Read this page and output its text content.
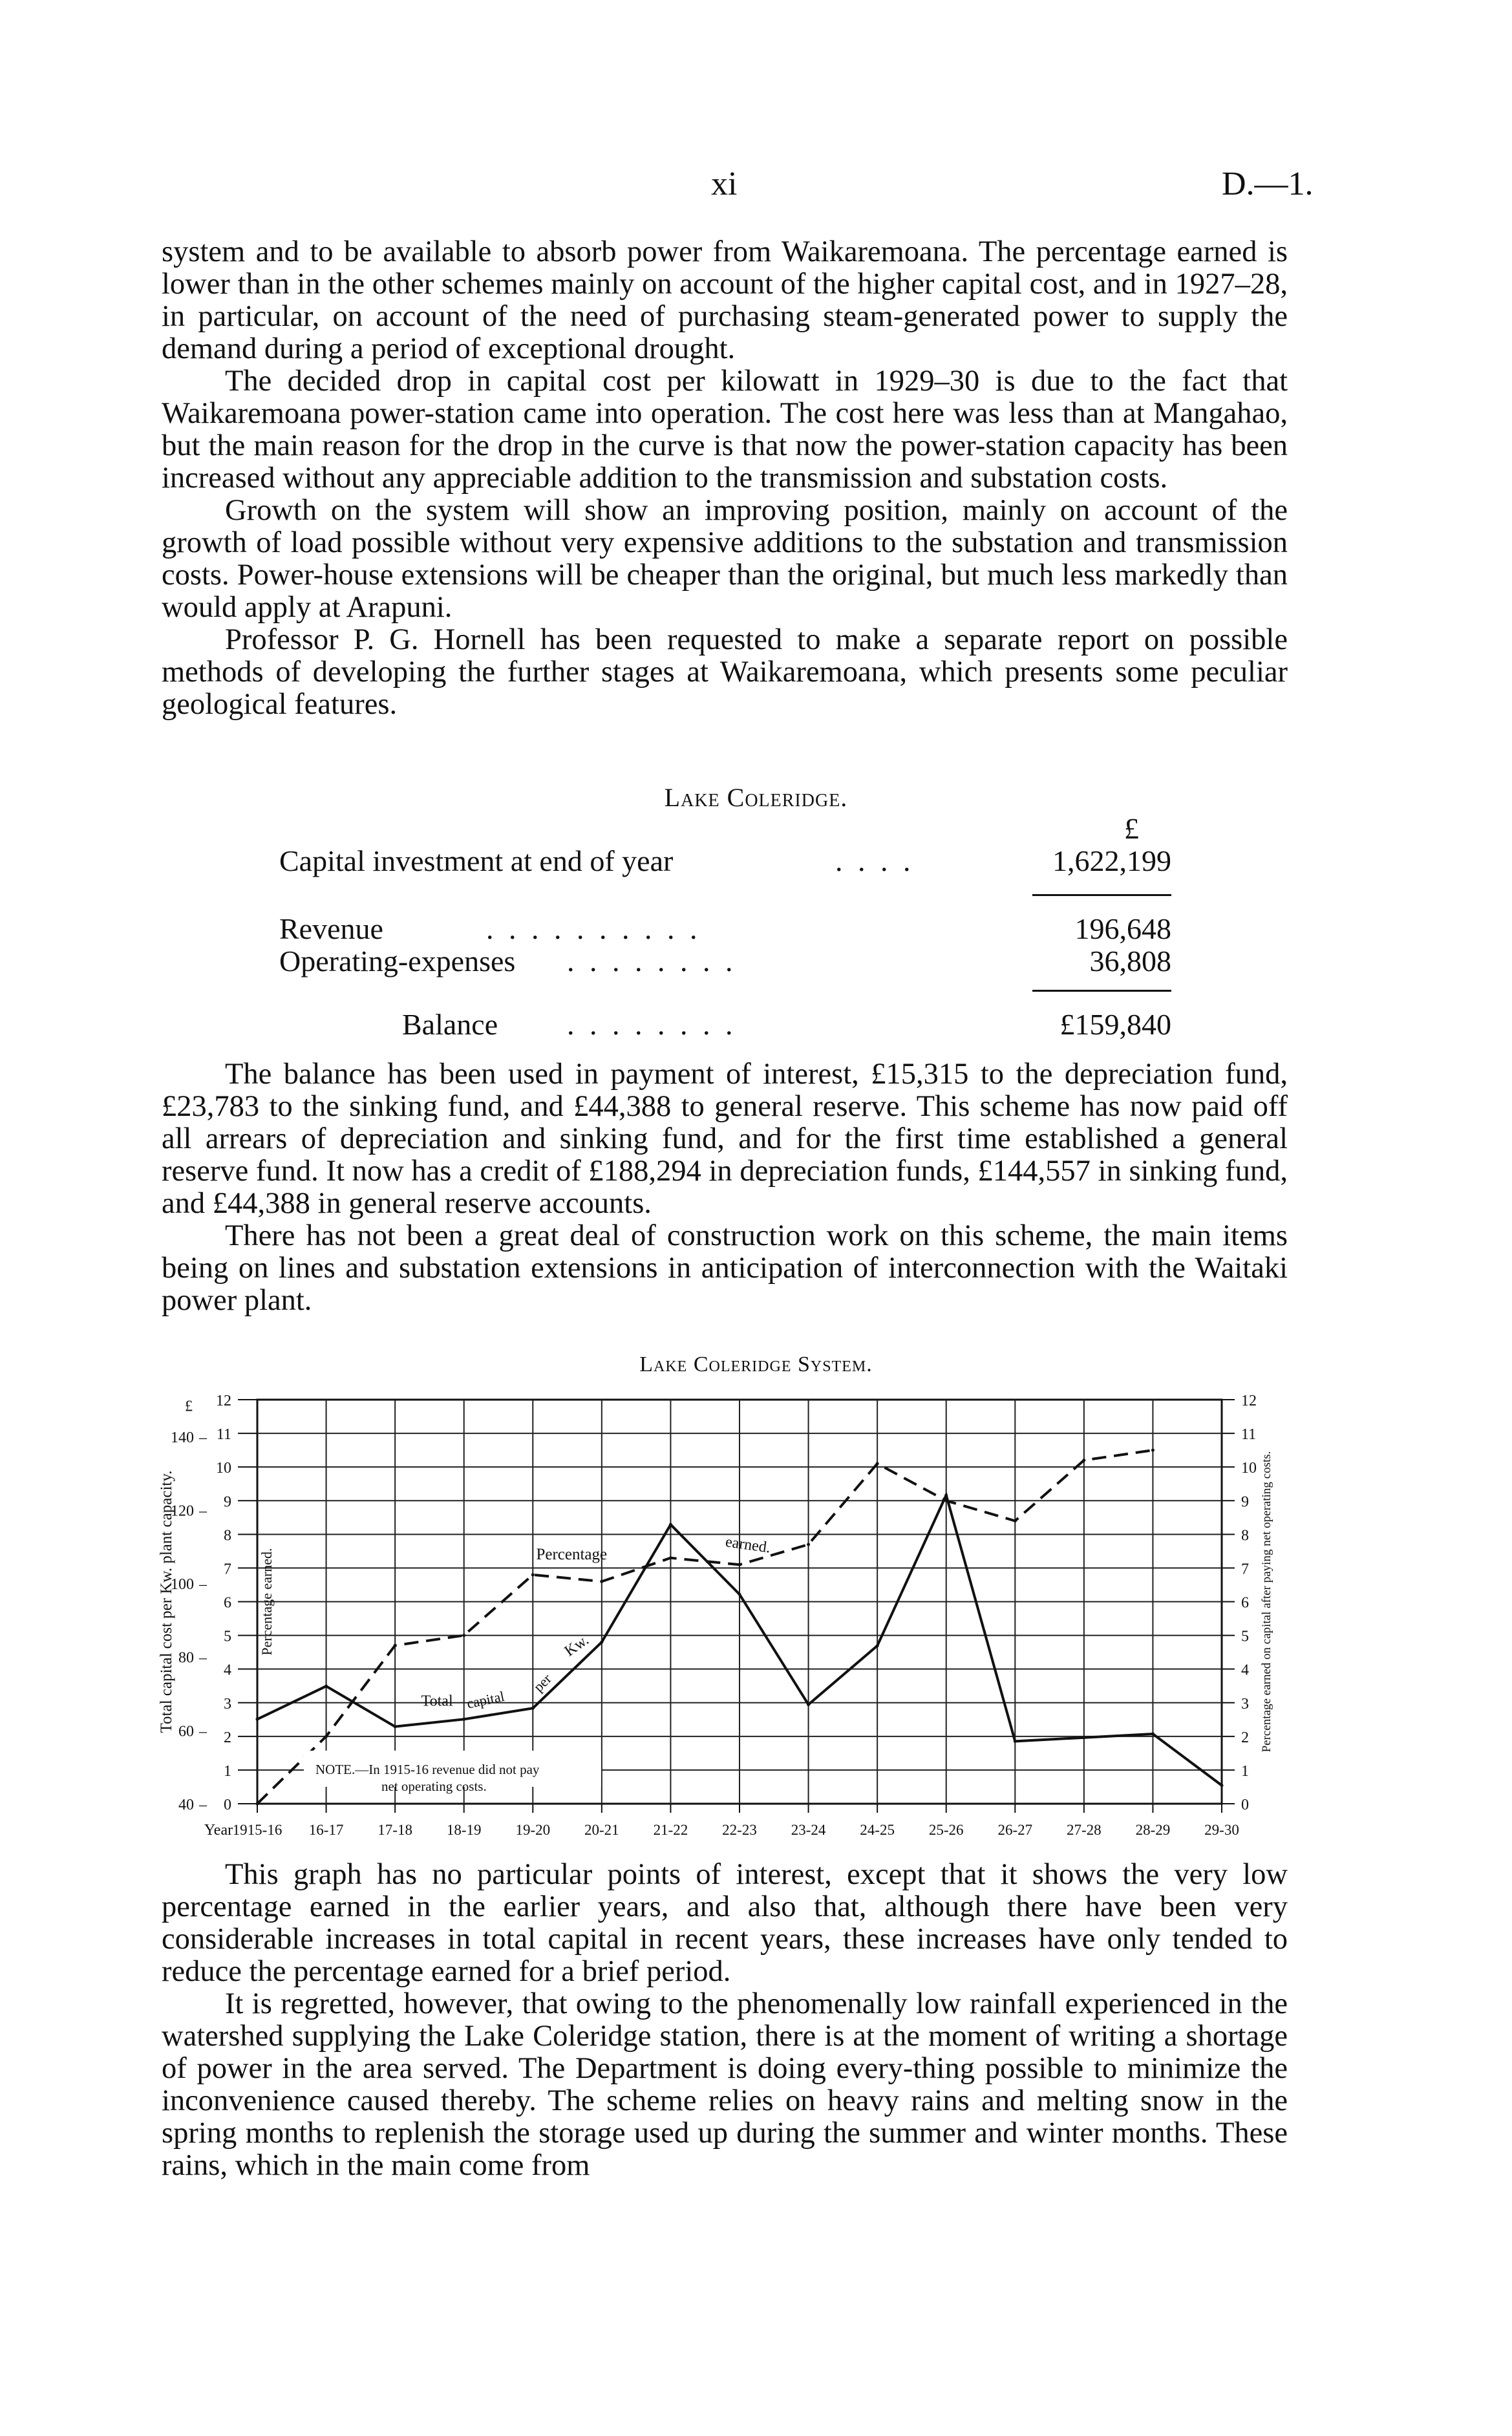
xi	D.—1.

system and to be available to absorb power from Waikaremoana. The percentage earned is lower than in the other schemes mainly on account of the higher capital cost, and in 1927–28, in particular, on account of the need of purchasing steam-generated power to supply the demand during a period of exceptional drought.

The decided drop in capital cost per kilowatt in 1929–30 is due to the fact that Waikaremoana power-station came into operation. The cost here was less than at Mangahao, but the main reason for the drop in the curve is that now the power-station capacity has been increased without any appreciable addition to the transmission and substation costs.

Growth on the system will show an improving position, mainly on account of the growth of load possible without very expensive additions to the substation and transmission costs. Power-house extensions will be cheaper than the original, but much less markedly than would apply at Arapuni.

Professor P. G. Hornell has been requested to make a separate report on possible methods of developing the further stages at Waikaremoana, which presents some peculiar geological features.

Lake Coleridge.
£
Capital investment at end of year	. . . .	1,622,199
Revenue	. . . . . . . . . .	196,648
Operating-expenses . . . . . . . .	36,808
Balance . . . . . . . .	£159,840

The balance has been used in payment of interest, £15,315 to the depreciation fund, £23,783 to the sinking fund, and £44,388 to general reserve. This scheme has now paid off all arrears of depreciation and sinking fund, and for the first time established a general reserve fund. It now has a credit of £188,294 in depreciation funds, £144,557 in sinking fund, and £44,388 in general reserve accounts.

There has not been a great deal of construction work on this scheme, the main items being on lines and substation extensions in anticipation of interconnection with the Waitaki power plant.

Lake Coleridge System.
0
1
2
3
4
5
6
7
8
9
10
11
12
140 –
120 –
100 –
80 –
60 –
40 –
£
0
1
2
3
4
5
6
7
8
9
10
11
12
Total capital cost per Kw. plant capacity.	Percentage earned.	Percentage earned on capital after paying net operating costs.
Year 1915-16 16-17 17-18 18-19 19-20 20-21 21-22 22-23 23-24 24-25 25-26 26-27 27-28 28-29 29-30
Total capital
per
Kw.
Percentage	earned.
NOTE.—In 1915-16 revenue did not pay
net operating costs.

This graph has no particular points of interest, except that it shows the very low percentage earned in the earlier years, and also that, although there have been very considerable increases in total capital in recent years, these increases have only tended to reduce the percentage earned for a brief period.

It is regretted, however, that owing to the phenomenally low rainfall experienced in the watershed supplying the Lake Coleridge station, there is at the moment of writing a shortage of power in the area served. The Department is doing every-thing possible to minimize the inconvenience caused thereby. The scheme relies on heavy rains and melting snow in the spring months to replenish the storage used up during the summer and winter months. These rains, which in the main come from
